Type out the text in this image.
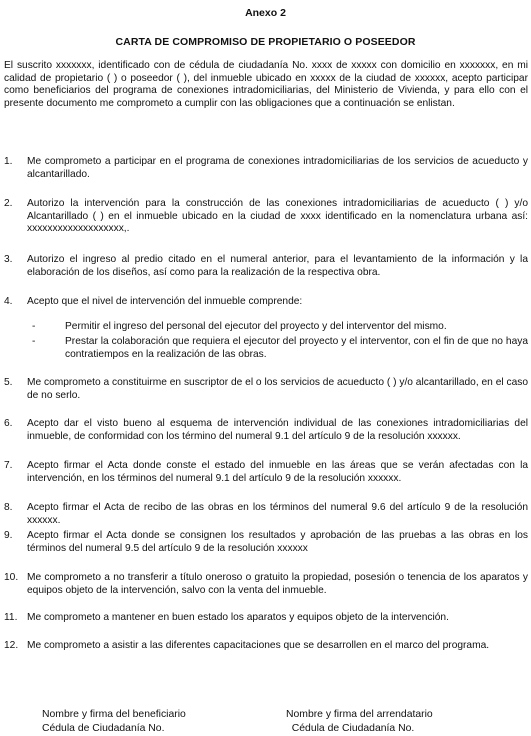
Anexo 2
CARTA DE COMPROMISO DE PROPIETARIO O POSEEDOR
El suscrito xxxxxxx, identificado con de cédula de ciudadanía No. xxxx de xxxxx con domicilio en xxxxxxx, en mi calidad de propietario ( ) o poseedor ( ), del inmueble ubicado en xxxxx de la ciudad de xxxxxx, acepto participar como beneficiarios del programa de conexiones intradomiciliarias, del Ministerio de Vivienda, y para ello con el presente documento me comprometo a cumplir con las obligaciones que a continuación se enlistan.
1.	Me comprometo a participar en el programa de conexiones intradomiciliarias de los servicios de acueducto y alcantarillado.
2.	Autorizo la intervención para la construcción de las conexiones intradomiciliarias de acueducto ( ) y/o Alcantarillado ( ) en el inmueble ubicado en la ciudad de xxxx identificado en la nomenclatura urbana así: xxxxxxxxxxxxxxxxxxx,.
3.	Autorizo el ingreso al predio citado en el numeral anterior, para el levantamiento de la información y la elaboración de los diseños, así como para la realización de la respectiva obra.
4.	Acepto que el nivel de intervención del inmueble comprende:
-	Permitir el ingreso del personal del ejecutor del proyecto y del interventor del mismo.
-	Prestar la colaboración que requiera el ejecutor del proyecto y el interventor, con el fin de que no haya contratiempos en la realización de las obras.
5.	Me comprometo a constituirme en suscriptor de el o los servicios de acueducto ( ) y/o alcantarillado, en el caso de no serlo.
6.	Acepto dar el visto bueno al esquema de intervención individual de las conexiones intradomiciliarias del inmueble, de conformidad con los término del numeral 9.1 del artículo 9 de la resolución xxxxxx.
7.	Acepto firmar el Acta donde conste el estado del inmueble en las áreas que se verán afectadas con la intervención, en los términos del numeral 9.1 del artículo 9 de la resolución xxxxxx.
8.	Acepto firmar el Acta de recibo de las obras en los términos del numeral 9.6 del artículo 9 de la resolución xxxxxx.
9.	Acepto firmar el Acta donde se consignen los resultados y aprobación de las pruebas a las obras en los términos del numeral 9.5 del artículo 9 de la resolución xxxxxx
10. Me comprometo a no transferir a título oneroso o gratuito la propiedad, posesión o tenencia de los aparatos y equipos objeto de la intervención, salvo con la venta del inmueble.
11. Me comprometo a mantener en buen estado los aparatos y equipos objeto de la intervención.
12. Me comprometo a asistir a las diferentes capacitaciones que se desarrollen en el marco del programa.
Nombre y firma del beneficiario
Cédula de Ciudadanía No.
Nombre y firma del arrendatario
Cédula de Ciudadanía No.
